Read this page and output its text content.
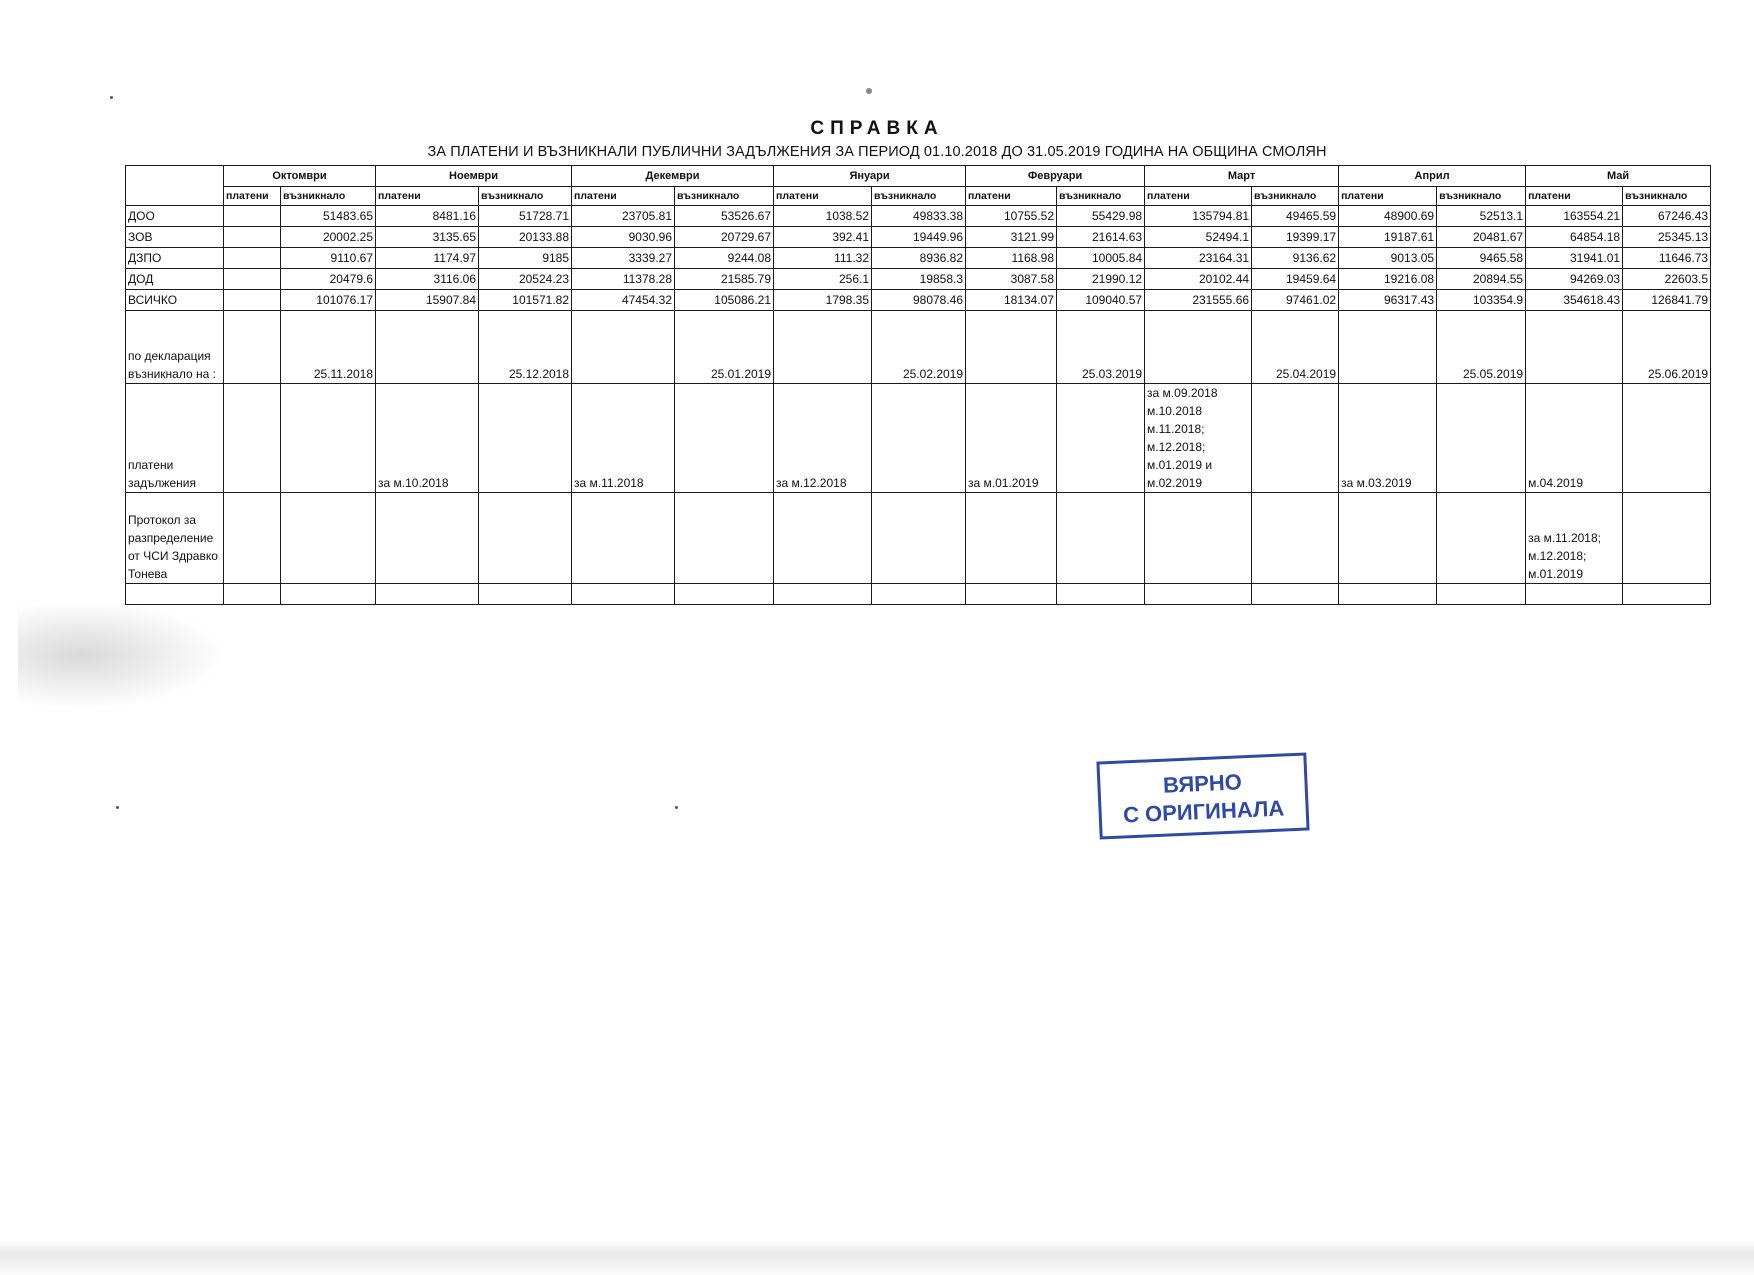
СПРАВКА
ЗА ПЛАТЕНИ И ВЪЗНИКНАЛИ ПУБЛИЧНИ ЗАДЪЛЖЕНИЯ ЗА ПЕРИОД 01.10.2018 ДО 31.05.2019 ГОДИНА НА ОБЩИНА СМОЛЯН
	Октомври		Ноември		Декември		Януари		Февруари		Март		Април		Май	
	платени	възникнало	платени	възникнало	платени	възникнало	платени	възникнало	платени	възникнало	платени	възникнало	платени	възникнало	платени	възникнало
ДОО		51483.65	8481.16	51728.71	23705.81	53526.67	1038.52	49833.38	10755.52	55429.98	135794.81	49465.59	48900.69	52513.1	163554.21	67246.43
ЗОВ		20002.25	3135.65	20133.88	9030.96	20729.67	392.41	19449.96	3121.99	21614.63	52494.1	19399.17	19187.61	20481.67	64854.18	25345.13
ДЗПО		9110.67	1174.97	9185	3339.27	9244.08	111.32	8936.82	1168.98	10005.84	23164.31	9136.62	9013.05	9465.58	31941.01	11646.73
ДОД		20479.6	3116.06	20524.23	11378.28	21585.79	256.1	19858.3	3087.58	21990.12	20102.44	19459.64	19216.08	20894.55	94269.03	22603.5
ВСИЧКО		101076.17	15907.84	101571.82	47454.32	105086.21	1798.35	98078.46	18134.07	109040.57	231555.66	97461.02	96317.43	103354.9	354618.43	126841.79
по декларация възникнало на :		25.11.2018		25.12.2018		25.01.2019		25.02.2019		25.03.2019		25.04.2019		25.05.2019		25.06.2019
платени задължения			за м.10.2018		за м.11.2018		за м.12.2018		за м.01.2019		за м.09.2018 м.10.2018 м.11.2018; м.12.2018; м.01.2019 и м.02.2019		за м.03.2019		м.04.2019	
Протокол за разпределение от ЧСИ Здравко Тонева															за м.11.2018; м.12.2018; м.01.2019	

ВЯРНО
С ОРИГИНАЛА
